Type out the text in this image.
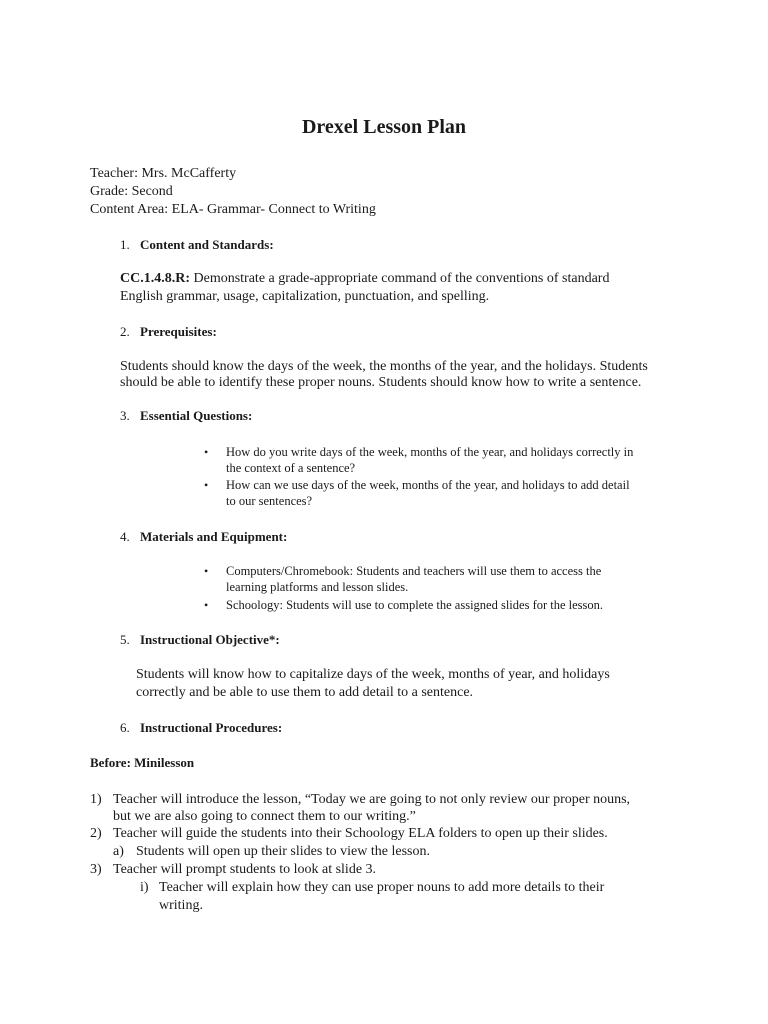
Drexel Lesson Plan
Teacher: Mrs. McCafferty
Grade: Second
Content Area: ELA- Grammar- Connect to Writing
1. Content and Standards:
CC.1.4.8.R: Demonstrate a grade-appropriate command of the conventions of standard
English grammar, usage, capitalization, punctuation, and spelling.
2. Prerequisites:
Students should know the days of the week, the months of the year, and the holidays. Students
should be able to identify these proper nouns. Students should know how to write a sentence.
3. Essential Questions:
• How do you write days of the week, months of the year, and holidays correctly in
the context of a sentence?
• How can we use days of the week, months of the year, and holidays to add detail
to our sentences?
4. Materials and Equipment:
• Computers/Chromebook: Students and teachers will use them to access the
learning platforms and lesson slides.
• Schoology: Students will use to complete the assigned slides for the lesson.
5. Instructional Objective*:
Students will know how to capitalize days of the week, months of year, and holidays
correctly and be able to use them to add detail to a sentence.
6. Instructional Procedures:
Before: Minilesson
1) Teacher will introduce the lesson, “Today we are going to not only review our proper nouns,
but we are also going to connect them to our writing.”
2) Teacher will guide the students into their Schoology ELA folders to open up their slides.
a) Students will open up their slides to view the lesson.
3) Teacher will prompt students to look at slide 3.
i) Teacher will explain how they can use proper nouns to add more details to their
writing.
